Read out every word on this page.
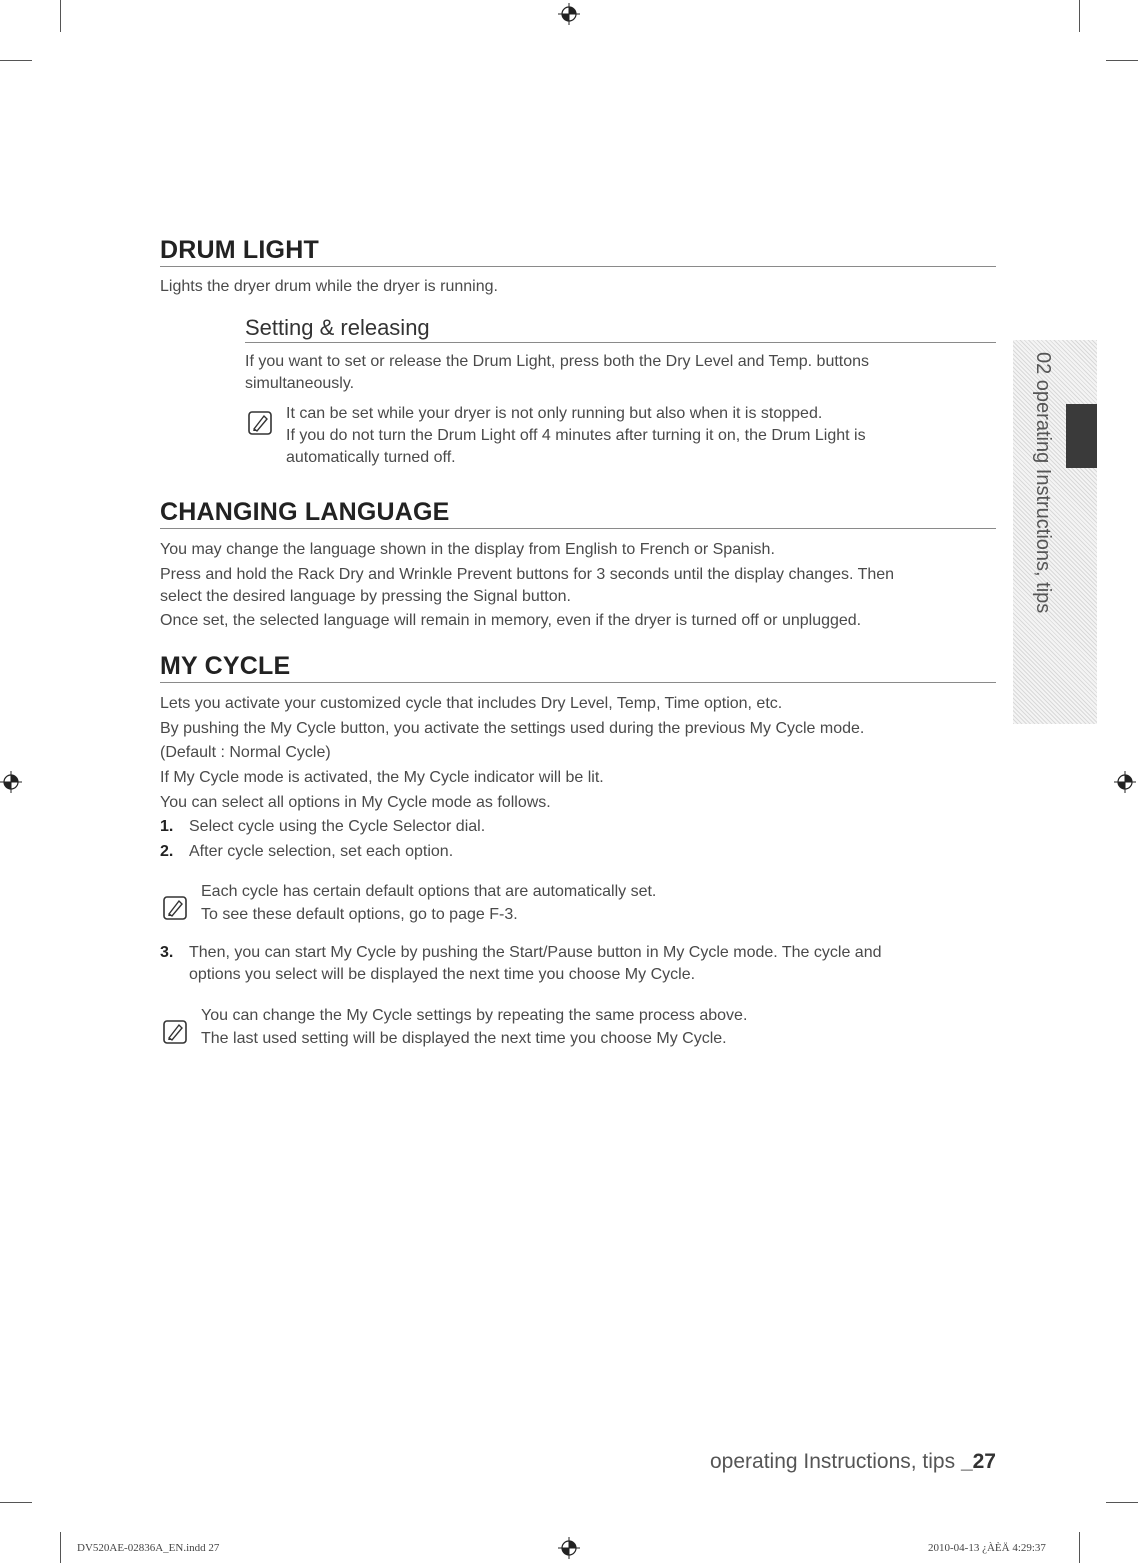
02 operating Instructions, tips
DRUM LIGHT
Lights the dryer drum while the dryer is running.
Setting & releasing
If you want to set or release the Drum Light, press both the Dry Level and Temp. buttons
simultaneously.
It can be set while your dryer is not only running but also when it is stopped.
If you do not turn the Drum Light off 4 minutes after turning it on, the Drum Light is
automatically turned off.
CHANGING LANGUAGE
You may change the language shown in the display from English to French or Spanish.
Press and hold the Rack Dry and Wrinkle Prevent buttons for 3 seconds until the display changes. Then
select the desired language by pressing the Signal button.
Once set, the selected language will remain in memory, even if the dryer is turned off or unplugged.
MY CYCLE
Lets you activate your customized cycle that includes Dry Level, Temp, Time option, etc.
By pushing the My Cycle button, you activate the settings used during the previous My Cycle mode.
(Default : Normal Cycle)
If My Cycle mode is activated, the My Cycle indicator will be lit.
You can select all options in My Cycle mode as follows.
1. Select cycle using the Cycle Selector dial.
2. After cycle selection, set each option.
Each cycle has certain default options that are automatically set.
To see these default options, go to page F-3.
3. Then, you can start My Cycle by pushing the Start/Pause button in My Cycle mode. The cycle and
options you select will be displayed the next time you choose My Cycle.
You can change the My Cycle settings by repeating the same process above.
The last used setting will be displayed the next time you choose My Cycle.
operating Instructions, tips _27
DV520AE-02836A_EN.indd 27	2010-04-13 ¿ÀÈÄ 4:29:37
